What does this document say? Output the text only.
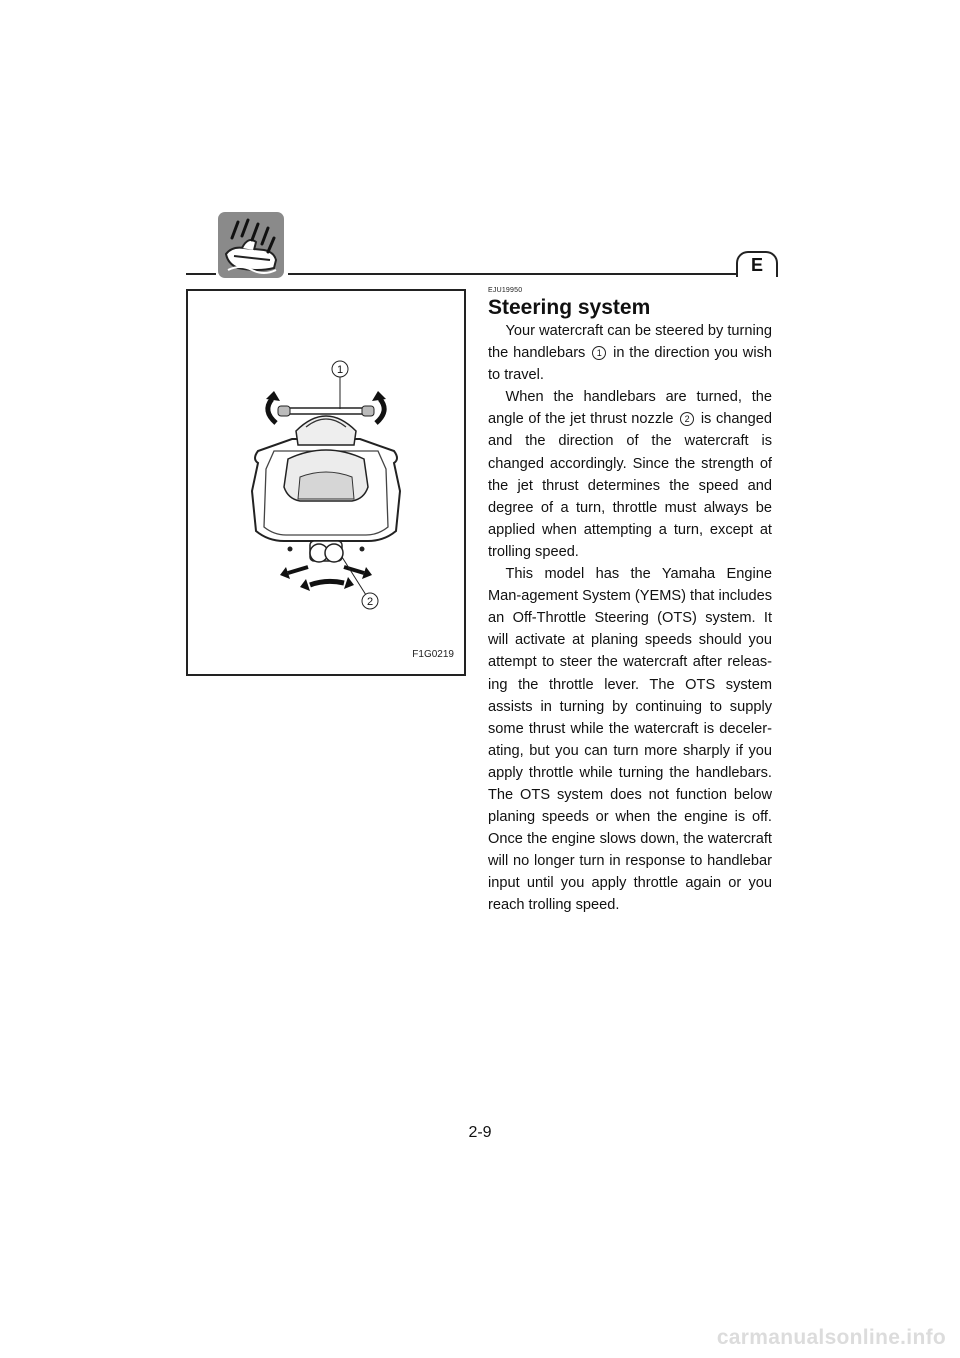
E
1
2
F1G0219
EJU19950
Steering system

Your watercraft can be steered by turning the handlebars 1 in the direction you wish to travel.

When the handlebars are turned, the angle of the jet thrust nozzle 2 is changed and the direction of the watercraft is changed accordingly. Since the strength of the jet thrust determines the speed and degree of a turn, throttle must always be applied when attempting a turn, except at trolling speed.

This model has the Yamaha Engine Man-agement System (YEMS) that includes an Off-Throttle Steering (OTS) system. It will activate at planing speeds should you attempt to steer the watercraft after releas-ing the throttle lever. The OTS system assists in turning by continuing to supply some thrust while the watercraft is deceler-ating, but you can turn more sharply if you apply throttle while turning the handlebars. The OTS system does not function below planing speeds or when the engine is off. Once the engine slows down, the watercraft will no longer turn in response to handlebar input until you apply throttle again or you reach trolling speed.

2-9
carmanualsonline.info
